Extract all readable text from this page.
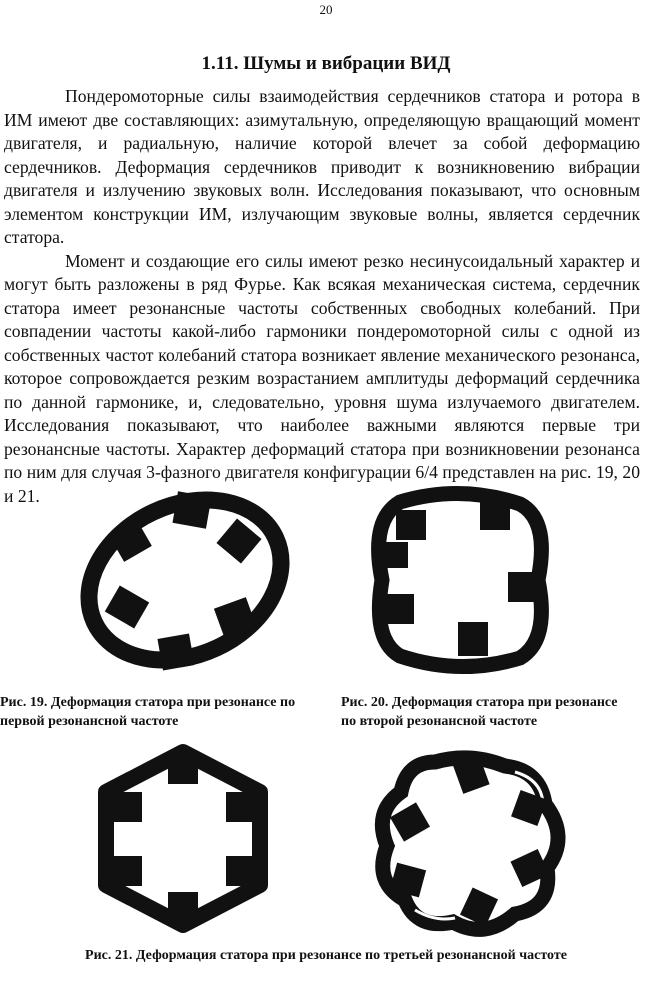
20
1.11. Шумы и вибрации ВИД

Пондеромоторные силы взаимодействия сердечников статора и ротора в ИМ имеют две составляющих: азимутальную, определяющую вращающий момент двигателя, и радиальную, наличие которой влечет за собой деформацию сердечников. Деформация сердечников приводит к возникновению вибрации двигателя и излучению звуковых волн. Исследования показывают, что основным элементом конструкции ИМ, излучающим звуковые волны, является сердечник статора.

Момент и создающие его силы имеют резко несинусоидальный характер и могут быть разложены в ряд Фурье. Как всякая механическая система, сердечник статора имеет резонансные частоты собственных свободных колебаний. При совпадении частоты какой-либо гармоники пондеромоторной силы с одной из собственных частот колебаний статора возникает явление механического резонанса, которое сопровождается резким возрастанием амплитуды деформаций сердечника по данной гармонике, и, следовательно, уровня шума излучаемого двигателем. Исследования показывают, что наиболее важными являются первые три резонансные частоты. Характер деформаций статора при возникновении резонанса по ним для случая 3-фазного двигателя конфигурации 6/4 представлен на рис. 19, 20 и 21.

Рис. 19. Деформация статора при резонансе по
первой резонансной частоте
Рис. 20. Деформация статора при резонансе
по второй резонансной частоте
Рис. 21. Деформация статора при резонансе по третьей резонансной частоте
